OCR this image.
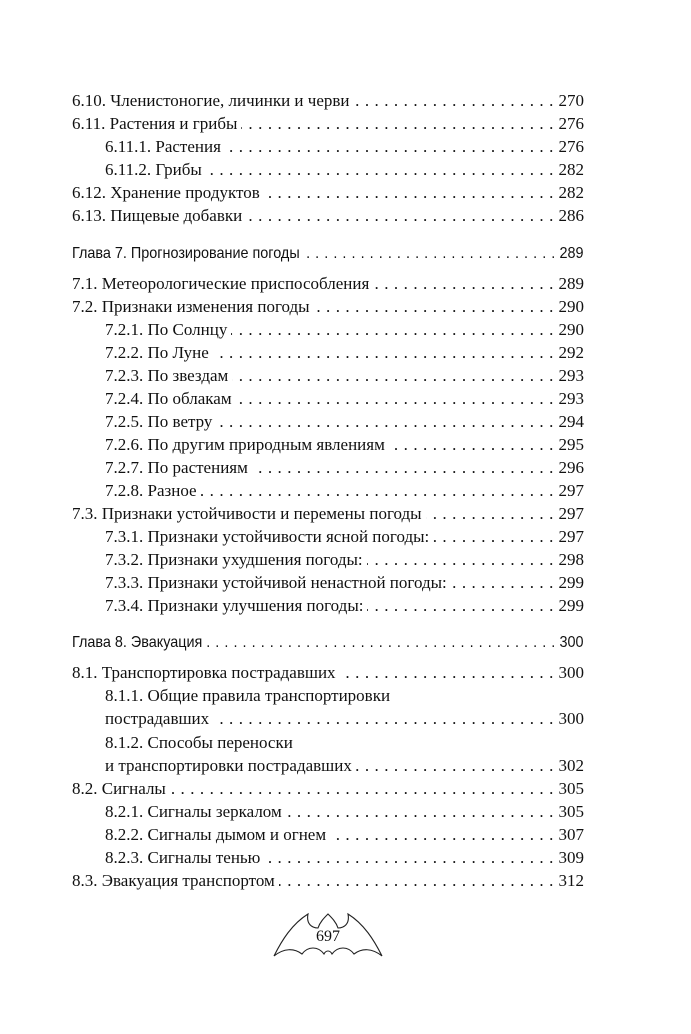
6.10. Членистоногие, личинки и черви . . .	270
6.11. Растения и грибы . . .	276
6.11.1. Растения . . .	276
6.11.2. Грибы . . .	282
6.12. Хранение продуктов . . .	282
6.13. Пищевые добавки . . .	286
Глава 7. Прогнозирование погоды . . .	289
7.1. Метеорологические приспособления . . .	289
7.2. Признаки изменения погоды . . .	290
7.2.1. По Солнцу . . .	290
7.2.2. По Луне . . .	292
7.2.3. По звездам . . .	293
7.2.4. По облакам . . .	293
7.2.5. По ветру . . .	294
7.2.6. По другим природным явлениям . . .	295
7.2.7. По растениям . . .	296
7.2.8. Разное . . .	297
7.3. Признаки устойчивости и перемены погоды . . .	297
7.3.1. Признаки устойчивости ясной погоды: . . .	297
7.3.2. Признаки ухудшения погоды: . . .	298
7.3.3. Признаки устойчивой ненастной погоды: . . .	299
7.3.4. Признаки улучшения погоды: . . .	299
Глава 8. Эвакуация . . .	300
8.1. Транспортировка пострадавших . . .	300
8.1.1. Общие правила транспортировки
пострадавших . . .	300
8.1.2. Способы переноски
и транспортировки пострадавших . . .	302
8.2. Сигналы . . .	305
8.2.1. Сигналы зеркалом . . .	305
8.2.2. Сигналы дымом и огнем . . .	307
8.2.3. Сигналы тенью . . .	309
8.3. Эвакуация транспортом . . .	312
697
